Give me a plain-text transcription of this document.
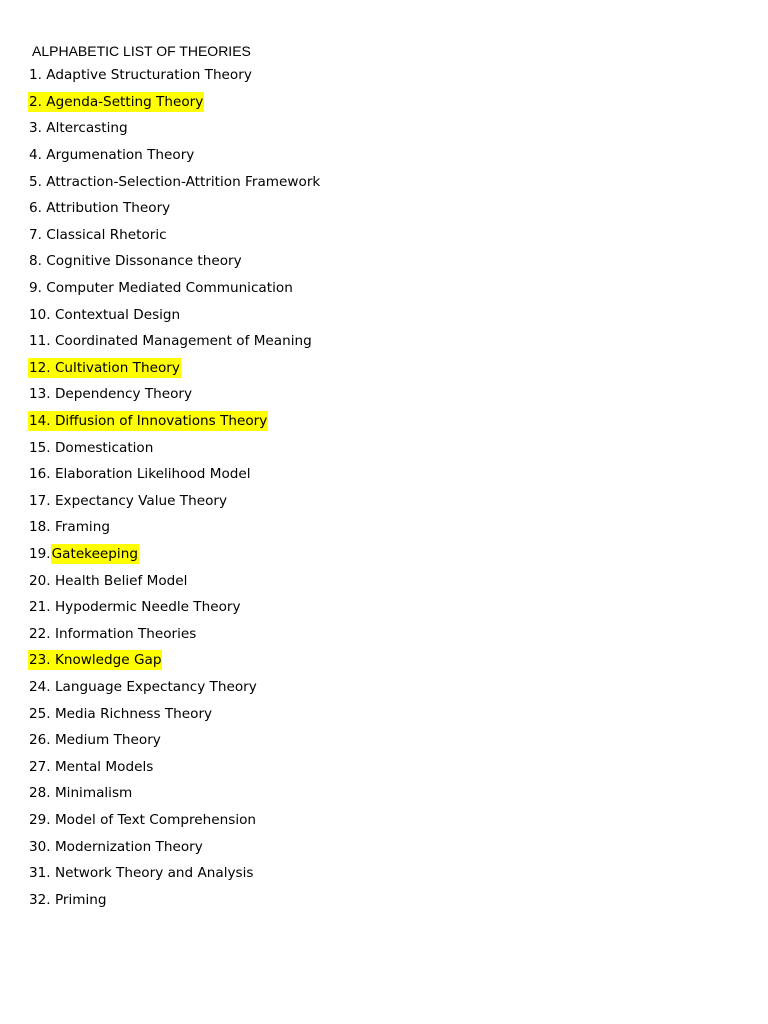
ALPHABETIC LIST OF THEORIES
1. Adaptive Structuration Theory
2. Agenda-Setting Theory
3. Altercasting
4. Argumenation Theory
5. Attraction-Selection-Attrition Framework
6. Attribution Theory
7. Classical Rhetoric
8. Cognitive Dissonance theory
9. Computer Mediated Communication
10. Contextual Design
11. Coordinated Management of Meaning
12. Cultivation Theory
13. Dependency Theory
14. Diffusion of Innovations Theory
15. Domestication
16. Elaboration Likelihood Model
17. Expectancy Value Theory
18. Framing
19. Gatekeeping
20. Health Belief Model
21. Hypodermic Needle Theory
22. Information Theories
23. Knowledge Gap
24. Language Expectancy Theory
25. Media Richness Theory
26. Medium Theory
27. Mental Models
28. Minimalism
29. Model of Text Comprehension
30. Modernization Theory
31. Network Theory and Analysis
32. Priming
